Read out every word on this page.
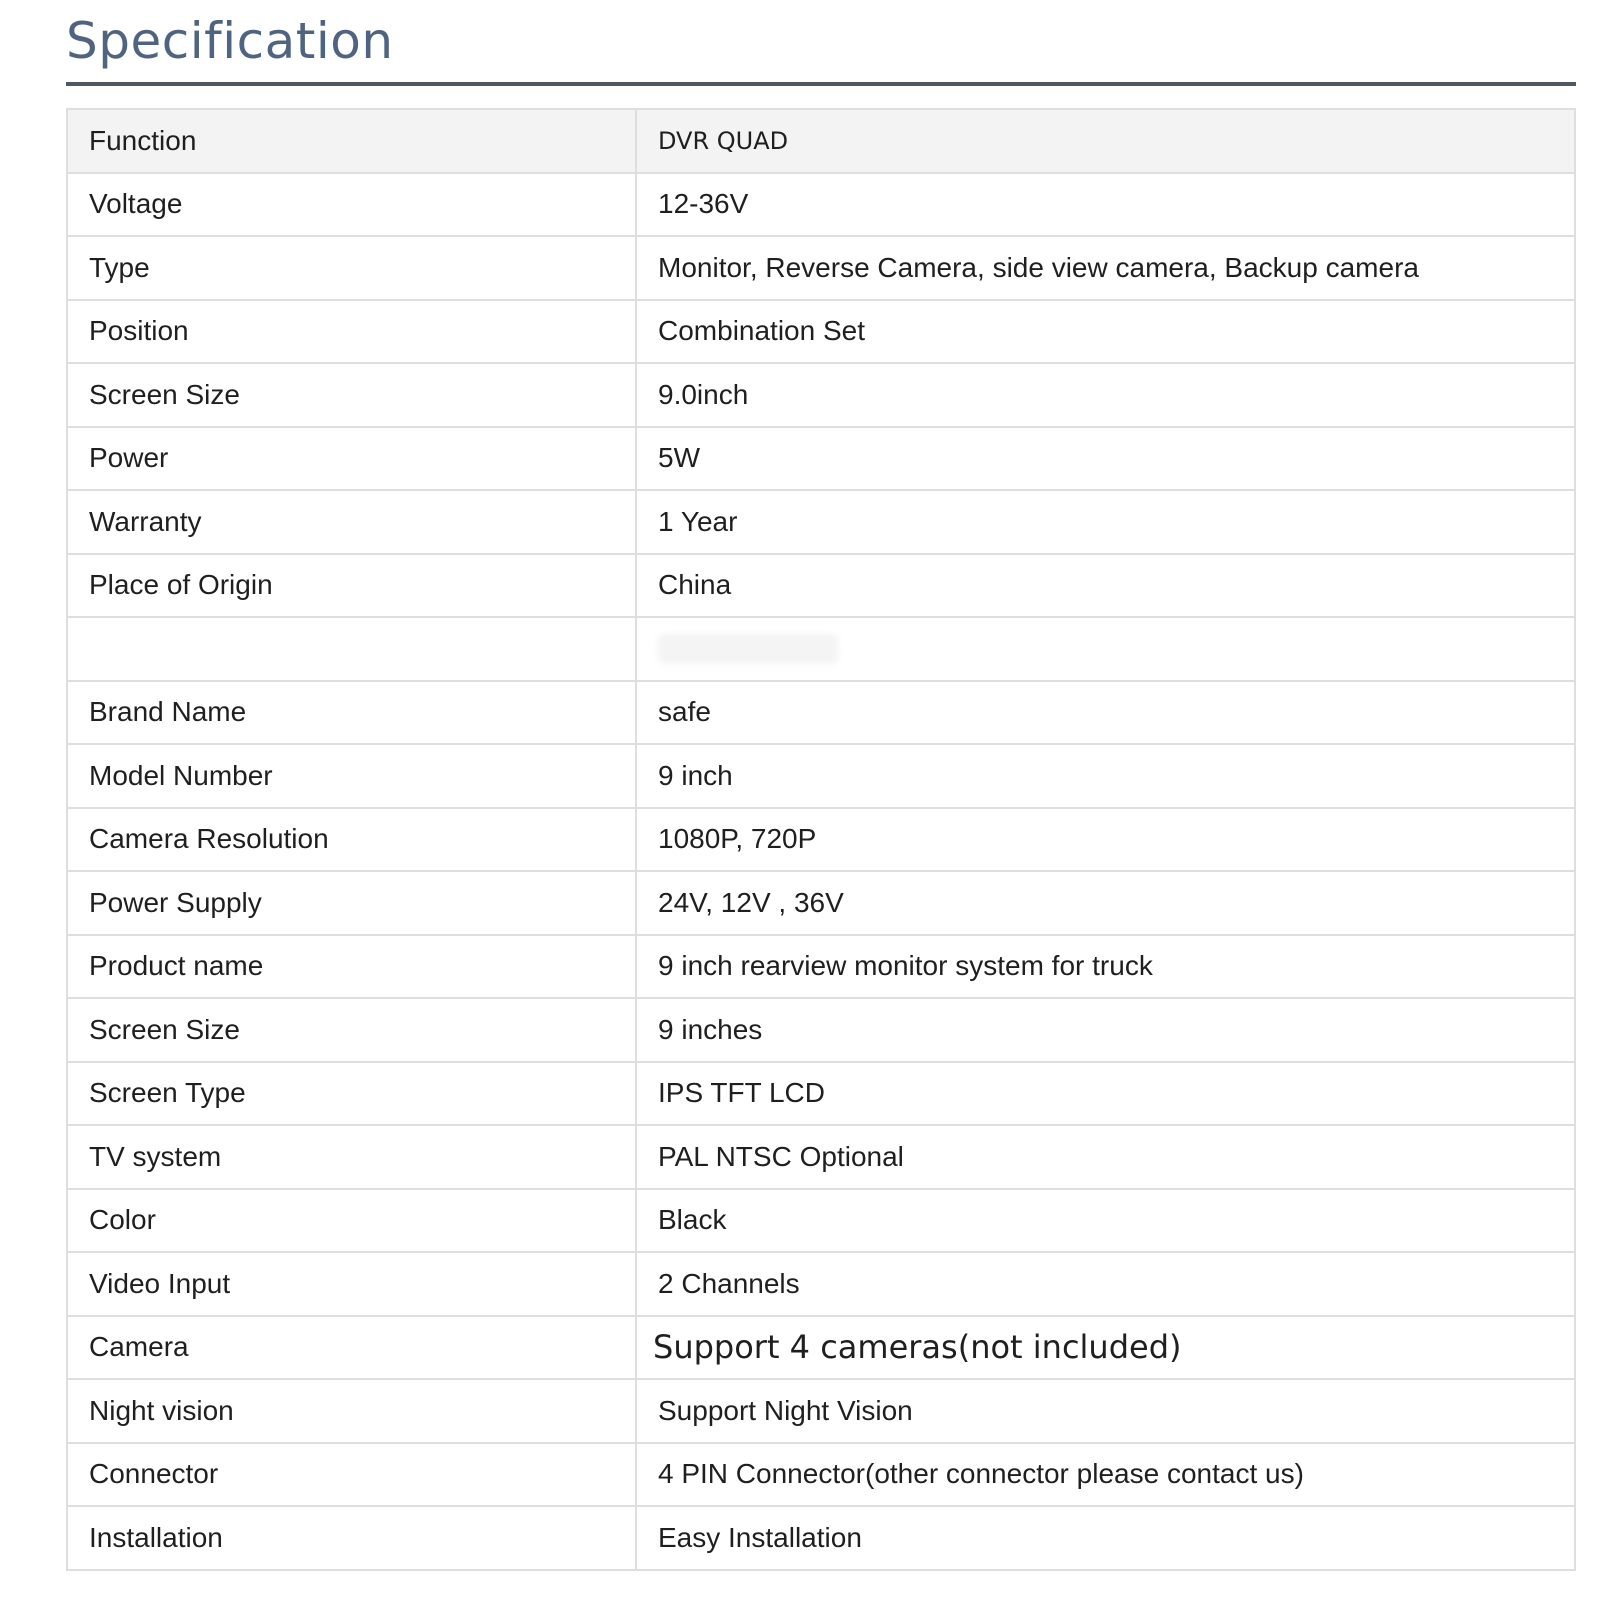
Specification
Function	DVR QUAD
Voltage	12-36V
Type	Monitor, Reverse Camera, side view camera, Backup camera
Position	Combination Set
Screen Size	9.0inch
Power	5W
Warranty	1 Year
Place of Origin	China

Brand Name	safe
Model Number	9 inch
Camera Resolution	1080P, 720P
Power Supply	24V, 12V , 36V
Product name	9 inch rearview monitor system for truck
Screen Size	9 inches
Screen Type	IPS TFT LCD
TV system	PAL NTSC Optional
Color	Black
Video Input	2 Channels
Camera	Support 4 cameras(not included)
Night vision	Support Night Vision
Connector	4 PIN Connector(other connector please contact us)
Installation	Easy Installation
